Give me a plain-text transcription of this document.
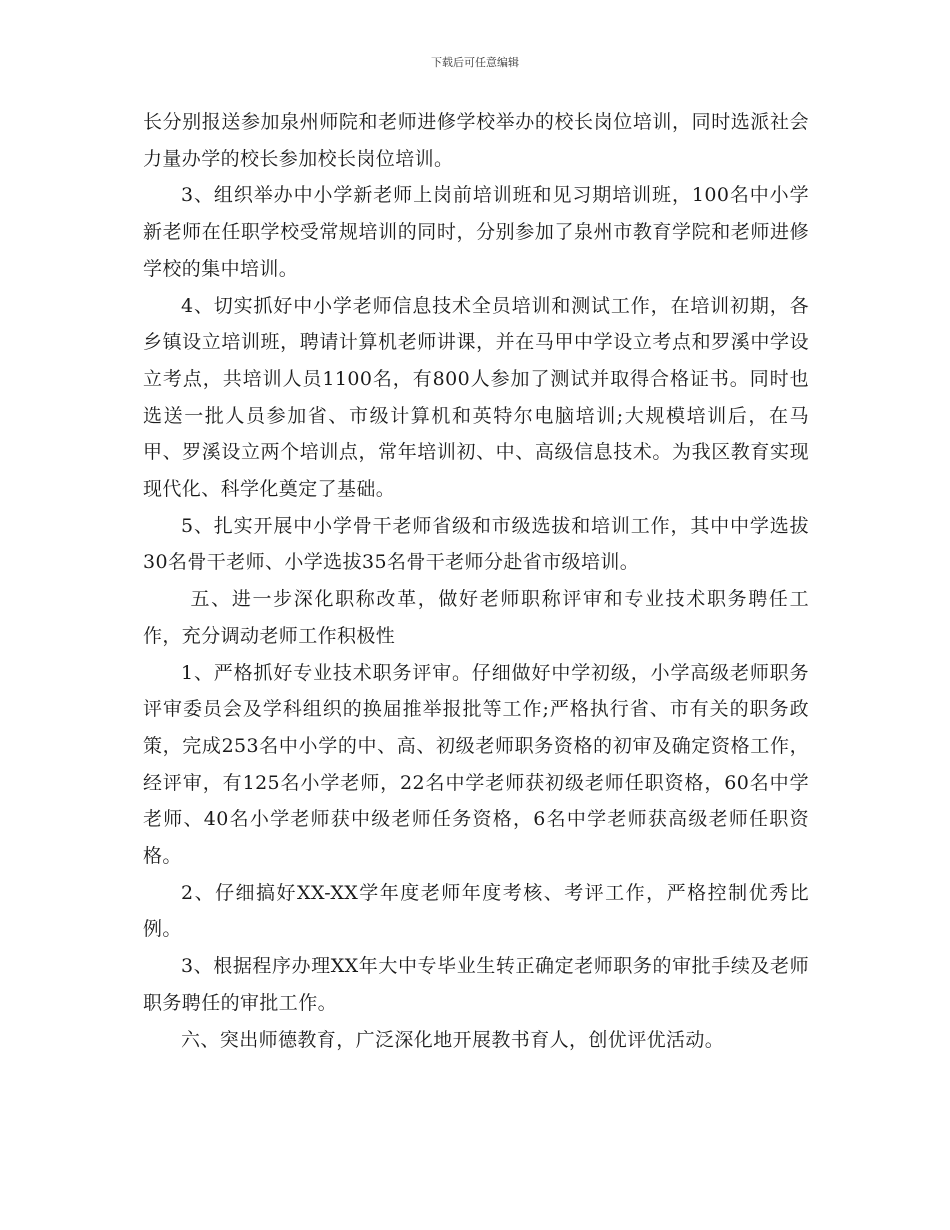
下载后可任意编辑

长分别报送参加泉州师院和老师进修学校举办的校长岗位培训，同时选派社会力量办学的校长参加校长岗位培训。

3、组织举办中小学新老师上岗前培训班和见习期培训班，100名中小学新老师在任职学校受常规培训的同时，分别参加了泉州市教育学院和老师进修学校的集中培训。

4、切实抓好中小学老师信息技术全员培训和测试工作，在培训初期，各乡镇设立培训班，聘请计算机老师讲课，并在马甲中学设立考点和罗溪中学设立考点，共培训人员1100名，有800人参加了测试并取得合格证书。同时也选送一批人员参加省、市级计算机和英特尔电脑培训;大规模培训后，在马甲、罗溪设立两个培训点，常年培训初、中、高级信息技术。为我区教育实现现代化、科学化奠定了基础。

5、扎实开展中小学骨干老师省级和市级选拔和培训工作，其中中学选拔30名骨干老师、小学选拔35名骨干老师分赴省市级培训。

五、进一步深化职称改革，做好老师职称评审和专业技术职务聘任工作，充分调动老师工作积极性

1、严格抓好专业技术职务评审。仔细做好中学初级，小学高级老师职务评审委员会及学科组织的换届推举报批等工作;严格执行省、市有关的职务政策，完成253名中小学的中、高、初级老师职务资格的初审及确定资格工作，经评审，有125名小学老师，22名中学老师获初级老师任职资格，60名中学老师、40名小学老师获中级老师任务资格，6名中学老师获高级老师任职资格。

2、仔细搞好XX-XX学年度老师年度考核、考评工作，严格控制优秀比例。

3、根据程序办理XX年大中专毕业生转正确定老师职务的审批手续及老师职务聘任的审批工作。

六、突出师德教育，广泛深化地开展教书育人，创优评优活动。
